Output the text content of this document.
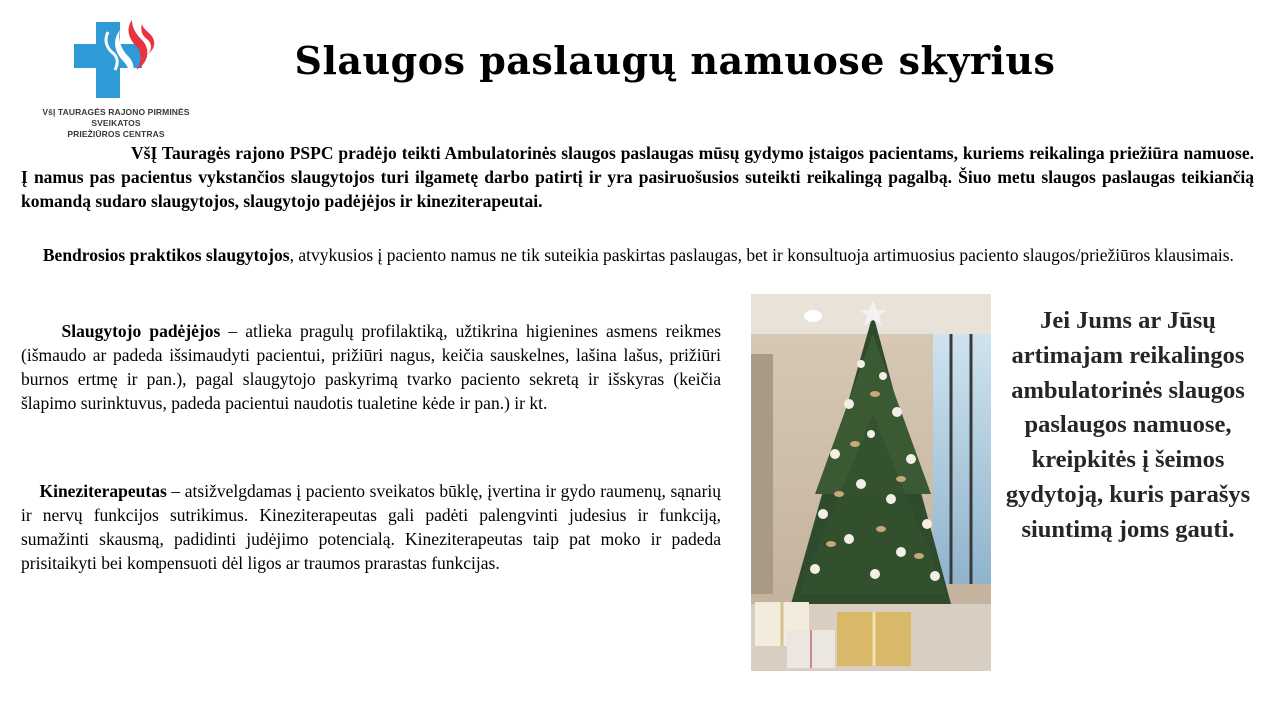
VšĮ TAURAGĖS RAJONO PIRMINĖS SVEIKATOS
PRIEŽIŪROS CENTRAS
Slaugos paslaugų namuose skyrius
VšĮ Tauragės rajono PSPC pradėjo teikti Ambulatorinės slaugos paslaugas mūsų gydymo įstaigos pacientams, kuriems reikalinga priežiūra namuose. Į namus pas pacientus vykstančios slaugytojos turi ilgametę darbo patirtį ir yra pasiruošusios suteikti reikalingą pagalbą. Šiuo metu slaugos paslaugas teikiančią komandą sudaro slaugytojos, slaugytojo padėjėjos ir kineziterapeutai.
Bendrosios praktikos slaugytojos, atvykusios į paciento namus ne tik suteikia paskirtas paslaugas, bet ir konsultuoja artimuosius paciento slaugos/priežiūros klausimais.
Slaugytojo padėjėjos – atlieka pragulų profilaktiką, užtikrina higienines asmens reikmes (išmaudo ar padeda išsimaudyti pacientui, prižiūri nagus, keičia sauskelnes, lašina lašus, prižiūri burnos ertmę ir pan.), pagal slaugytojo paskyrimą tvarko paciento sekretą ir išskyras (keičia šlapimo surinktuvus, padeda pacientui naudotis tualetine kėde ir pan.) ir kt.
Kineziterapeutas – atsižvelgdamas į paciento sveikatos būklę, įvertina ir gydo raumenų, sąnarių ir nervų funkcijos sutrikimus. Kineziterapeutas gali padėti palengvinti judesius ir funkciją, sumažinti skausmą, padidinti judėjimo potencialą. Kineziterapeutas taip pat moko ir padeda prisitaikyti bei kompensuoti dėl ligos ar traumos prarastas funkcijas.
Jei Jums ar Jūsų artimajam reikalingos ambulatorinės slaugos paslaugos namuose, kreipkitės į šeimos gydytoją, kuris parašys siuntimą joms gauti.
